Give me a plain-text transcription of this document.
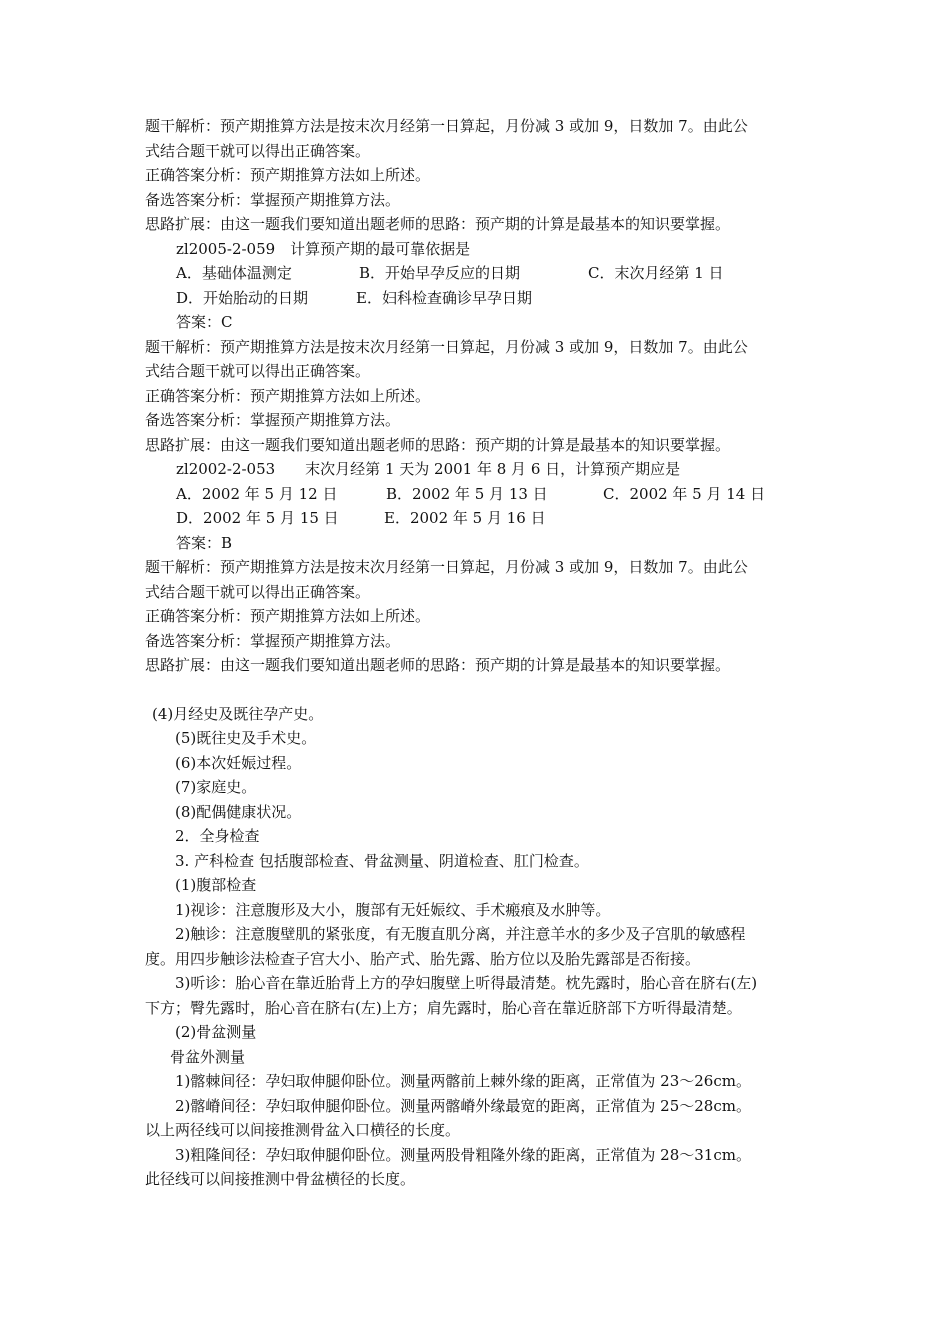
题干解析：预产期推算方法是按末次月经第一日算起，月份减 3 或加 9，日数加 7。由此公

式结合题干就可以得出正确答案。

正确答案分析：预产期推算方法如上所述。

备选答案分析：掌握预产期推算方法。

思路扩展：由这一题我们要知道出题老师的思路：预产期的计算是最基本的知识要掌握。

zl2005-2-059　计算预产期的最可靠依据是

A．基础体温测定	B．开始早孕反应的日期	C．末次月经第 1 日
D．开始胎动的日期	E．妇科检查确诊早孕日期

答案：C

题干解析：预产期推算方法是按末次月经第一日算起，月份减 3 或加 9，日数加 7。由此公

式结合题干就可以得出正确答案。

正确答案分析：预产期推算方法如上所述。

备选答案分析：掌握预产期推算方法。

思路扩展：由这一题我们要知道出题老师的思路：预产期的计算是最基本的知识要掌握。

zl2002-2-053　　末次月经第 1 天为 2001 年 8 月 6 日，计算预产期应是

A．2002 年 5 月 12 日	B．2002 年 5 月 13 日	C．2002 年 5 月 14 日
D．2002 年 5 月 15 日	E．2002 年 5 月 16 日

答案：B

题干解析：预产期推算方法是按末次月经第一日算起，月份减 3 或加 9，日数加 7。由此公

式结合题干就可以得出正确答案。

正确答案分析：预产期推算方法如上所述。

备选答案分析：掌握预产期推算方法。

思路扩展：由这一题我们要知道出题老师的思路：预产期的计算是最基本的知识要掌握。

(4)月经史及既往孕产史。

(5)既往史及手术史。

(6)本次妊娠过程。

(7)家庭史。

(8)配偶健康状况。

2．全身检查

3. 产科检查 包括腹部检查、骨盆测量、阴道检查、肛门检查。

(1)腹部检查

1)视诊：注意腹形及大小，腹部有无妊娠纹、手术瘢痕及水肿等。

2)触诊：注意腹壁肌的紧张度，有无腹直肌分离，并注意羊水的多少及子宫肌的敏感程

度。用四步触诊法检查子宫大小、胎产式、胎先露、胎方位以及胎先露部是否衔接。

3)听诊：胎心音在靠近胎背上方的孕妇腹壁上听得最清楚。枕先露时，胎心音在脐右(左)

下方；臀先露时，胎心音在脐右(左)上方；肩先露时，胎心音在靠近脐部下方听得最清楚。

(2)骨盆测量

骨盆外测量

1)髂棘间径：孕妇取伸腿仰卧位。测量两髂前上棘外缘的距离，正常值为 23～26cm。

2)髂嵴间径：孕妇取伸腿仰卧位。测量两髂嵴外缘最宽的距离，正常值为 25～28cm。

以上两径线可以间接推测骨盆入口横径的长度。

3)粗隆间径：孕妇取伸腿仰卧位。测量两股骨粗隆外缘的距离，正常值为 28～31cm。

此径线可以间接推测中骨盆横径的长度。
